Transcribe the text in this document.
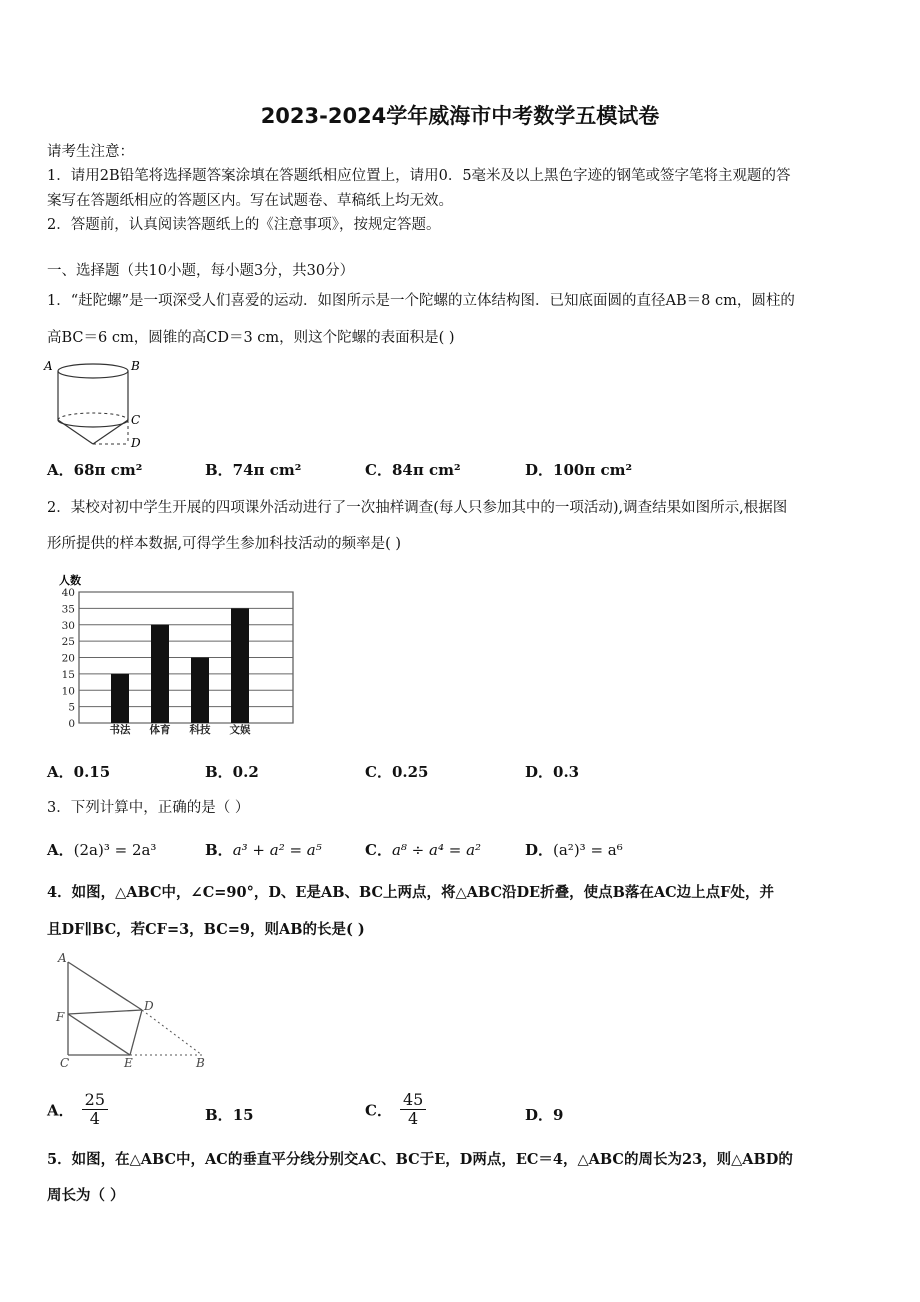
2023-2024学年威海市中考数学五模试卷
请考生注意：
1．请用2B铅笔将选择题答案涂填在答题纸相应位置上，请用0．5毫米及以上黑色字迹的钢笔或签字笔将主观题的答
案写在答题纸相应的答题区内。写在试题卷、草稿纸上均无效。
2．答题前，认真阅读答题纸上的《注意事项》，按规定答题。
一、选择题（共10小题，每小题3分，共30分）
1．“赶陀螺”是一项深受人们喜爱的运动．如图所示是一个陀螺的立体结构图．已知底面圆的直径AB＝8 cm，圆柱的
高BC＝6 cm，圆锥的高CD＝3 cm，则这个陀螺的表面积是( )
A	B
C
D
A．68π cm²	B．74π cm²	C．84π cm²	D．100π cm²
2．某校对初中学生开展的四项课外活动进行了一次抽样调查(每人只参加其中的一项活动),调查结果如图所示,根据图
形所提供的样本数据,可得学生参加科技活动的频率是( )
人数
0
5
10
15
20
25
30
35
40
书法 体育 科技 文娱
A．0.15	B．0.2	C．0.25	D．0.3
3．下列计算中，正确的是（ ）
A．(2a)³ = 2a³	B．a³ + a² = a⁵	C．a⁸ ÷ a⁴ = a²	D．(a²)³ = a⁶
4．如图，△ABC中，∠C=90°，D、E是AB、BC上两点，将△ABC沿DE折叠，使点B落在AC边上点F处，并
且DF∥BC，若CF=3，BC=9，则AB的长是( )
A
D
F
C	E	B
A． $\frac{25}{4}$	B．15	C． $\frac{45}{4}$	D．9
5．如图，在△ABC中，AC的垂直平分线分别交AC、BC于E，D两点，EC＝4，△ABC的周长为23，则△ABD的
周长为（ ）
